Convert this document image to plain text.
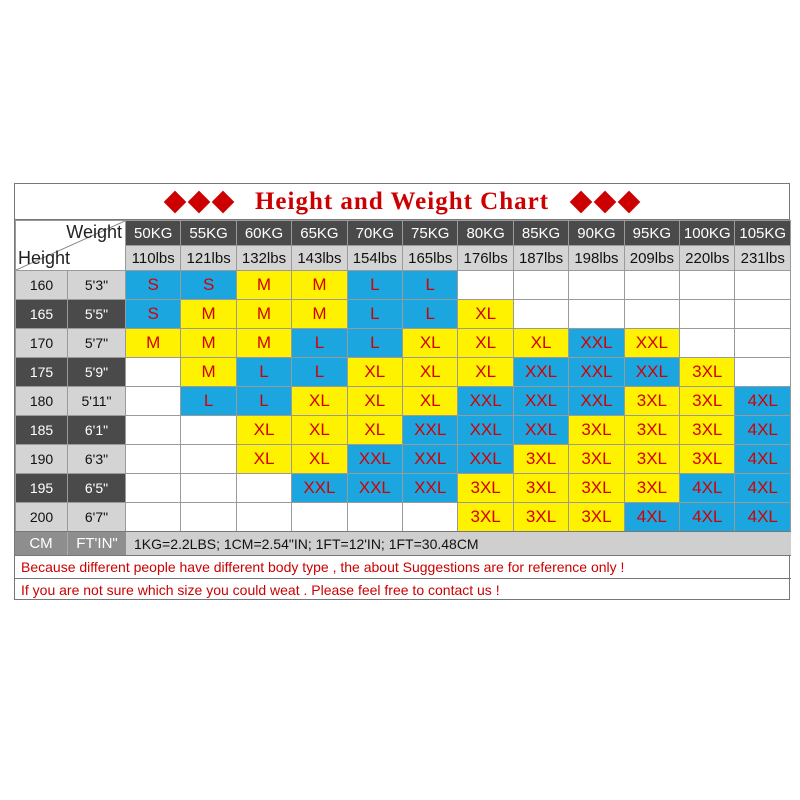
Height and Weight Chart
Weight
Height		50KG	55KG	60KG	65KG	70KG	75KG	80KG	85KG	90KG	95KG	100KG	105KG
		110lbs	121lbs	132lbs	143lbs	154lbs	165lbs	176lbs	187lbs	198lbs	209lbs	220lbs	231lbs
160	5'3"	S	S	M	M	L	L						
165	5'5"	S	M	M	M	L	L	XL					
170	5'7"	M	M	M	L	L	XL	XL	XL	XXL	XXL		
175	5'9"		M	L	L	XL	XL	XL	XXL	XXL	XXL	3XL	
180	5'11"		L	L	XL	XL	XL	XXL	XXL	XXL	3XL	3XL	4XL
185	6'1"			XL	XL	XL	XXL	XXL	XXL	3XL	3XL	3XL	4XL
190	6'3"			XL	XL	XXL	XXL	XXL	3XL	3XL	3XL	3XL	4XL
195	6'5"				XXL	XXL	XXL	3XL	3XL	3XL	3XL	4XL	4XL
200	6'7"							3XL	3XL	3XL	4XL	4XL	4XL
CM	FT'IN"	1KG=2.2LBS; 1CM=2.54"IN; 1FT=12'IN; 1FT=30.48CM
Because different people have different body type , the about Suggestions are for reference only !
If you are not sure which size you could weat . Please feel free to contact us !
